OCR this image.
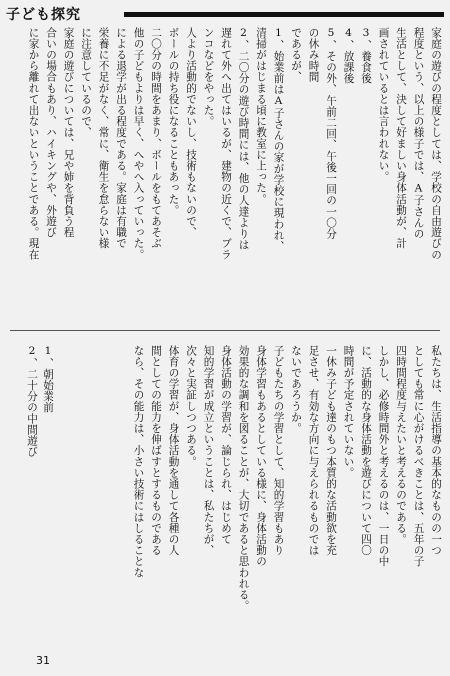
子ども探究
家庭の遊びの程度としては、学校の自由遊びの
程度という、以上の様子では、A子さんの
生活として、決して好ましい身体活動が、計
画されているとは言われない。
3、養食後
4、放課後
5、その外、午前二回、午後一回の一〇分
の休み時間
であるが、
1、始業前はA子さんの家が学校に現われ、
清掃がはじまる頃に教室に上った。
2、二〇分の遊び時間には、他の人達よりは
遅れて外へ出てはいるが、建物の近くで、ブラ
ンコなどをやった。
人より活動的でないし、技術もないので、
ボールの持ち役になることもあった。
二〇分の時間をあまり、ボールをもてあそぶ
他の子どもよりは早く、へやへ入っていった。
による退学が出る程度である。家庭は有職で
栄養に不足がなく、常に、衛生を怠らない様
に注意しているので、
家庭の遊びについては、兄や姉を背負う程
合いの場合もあり、ハイキングや、外遊び
に家から離れて出ないということである。現在
私たちは、生活指導の基本的なものの一つ
としても常に心がけるべきことは、五年の子
四時間程度与えたいと考えるのである。
しかし、必修時間外と考えるのは、一日の中
に、活動的な身体活動を遊びについて四〇
時間が予定されていない。
一休み子ども達のもつ本質的な活動欲を充
足させ、有効な方向に与えられるものでは
ないであろうか。
子どもたちの学習として、知的学習もあり
身体学習もあるとしている様に、身体活動の
効果的な調和を図ることが、大切であると思われる。
身体活動の学習が、論じられ、はじめて
知的学習が成立ということは、私たちが、
次々と実証しつつある。
体育の学習が、身体活動を通して各種の人
間としての能力を伸ばすとするものである
なら、その能力は、小さい技術にはしることな
1、朝始業前
2、二十分の中間遊び
31
